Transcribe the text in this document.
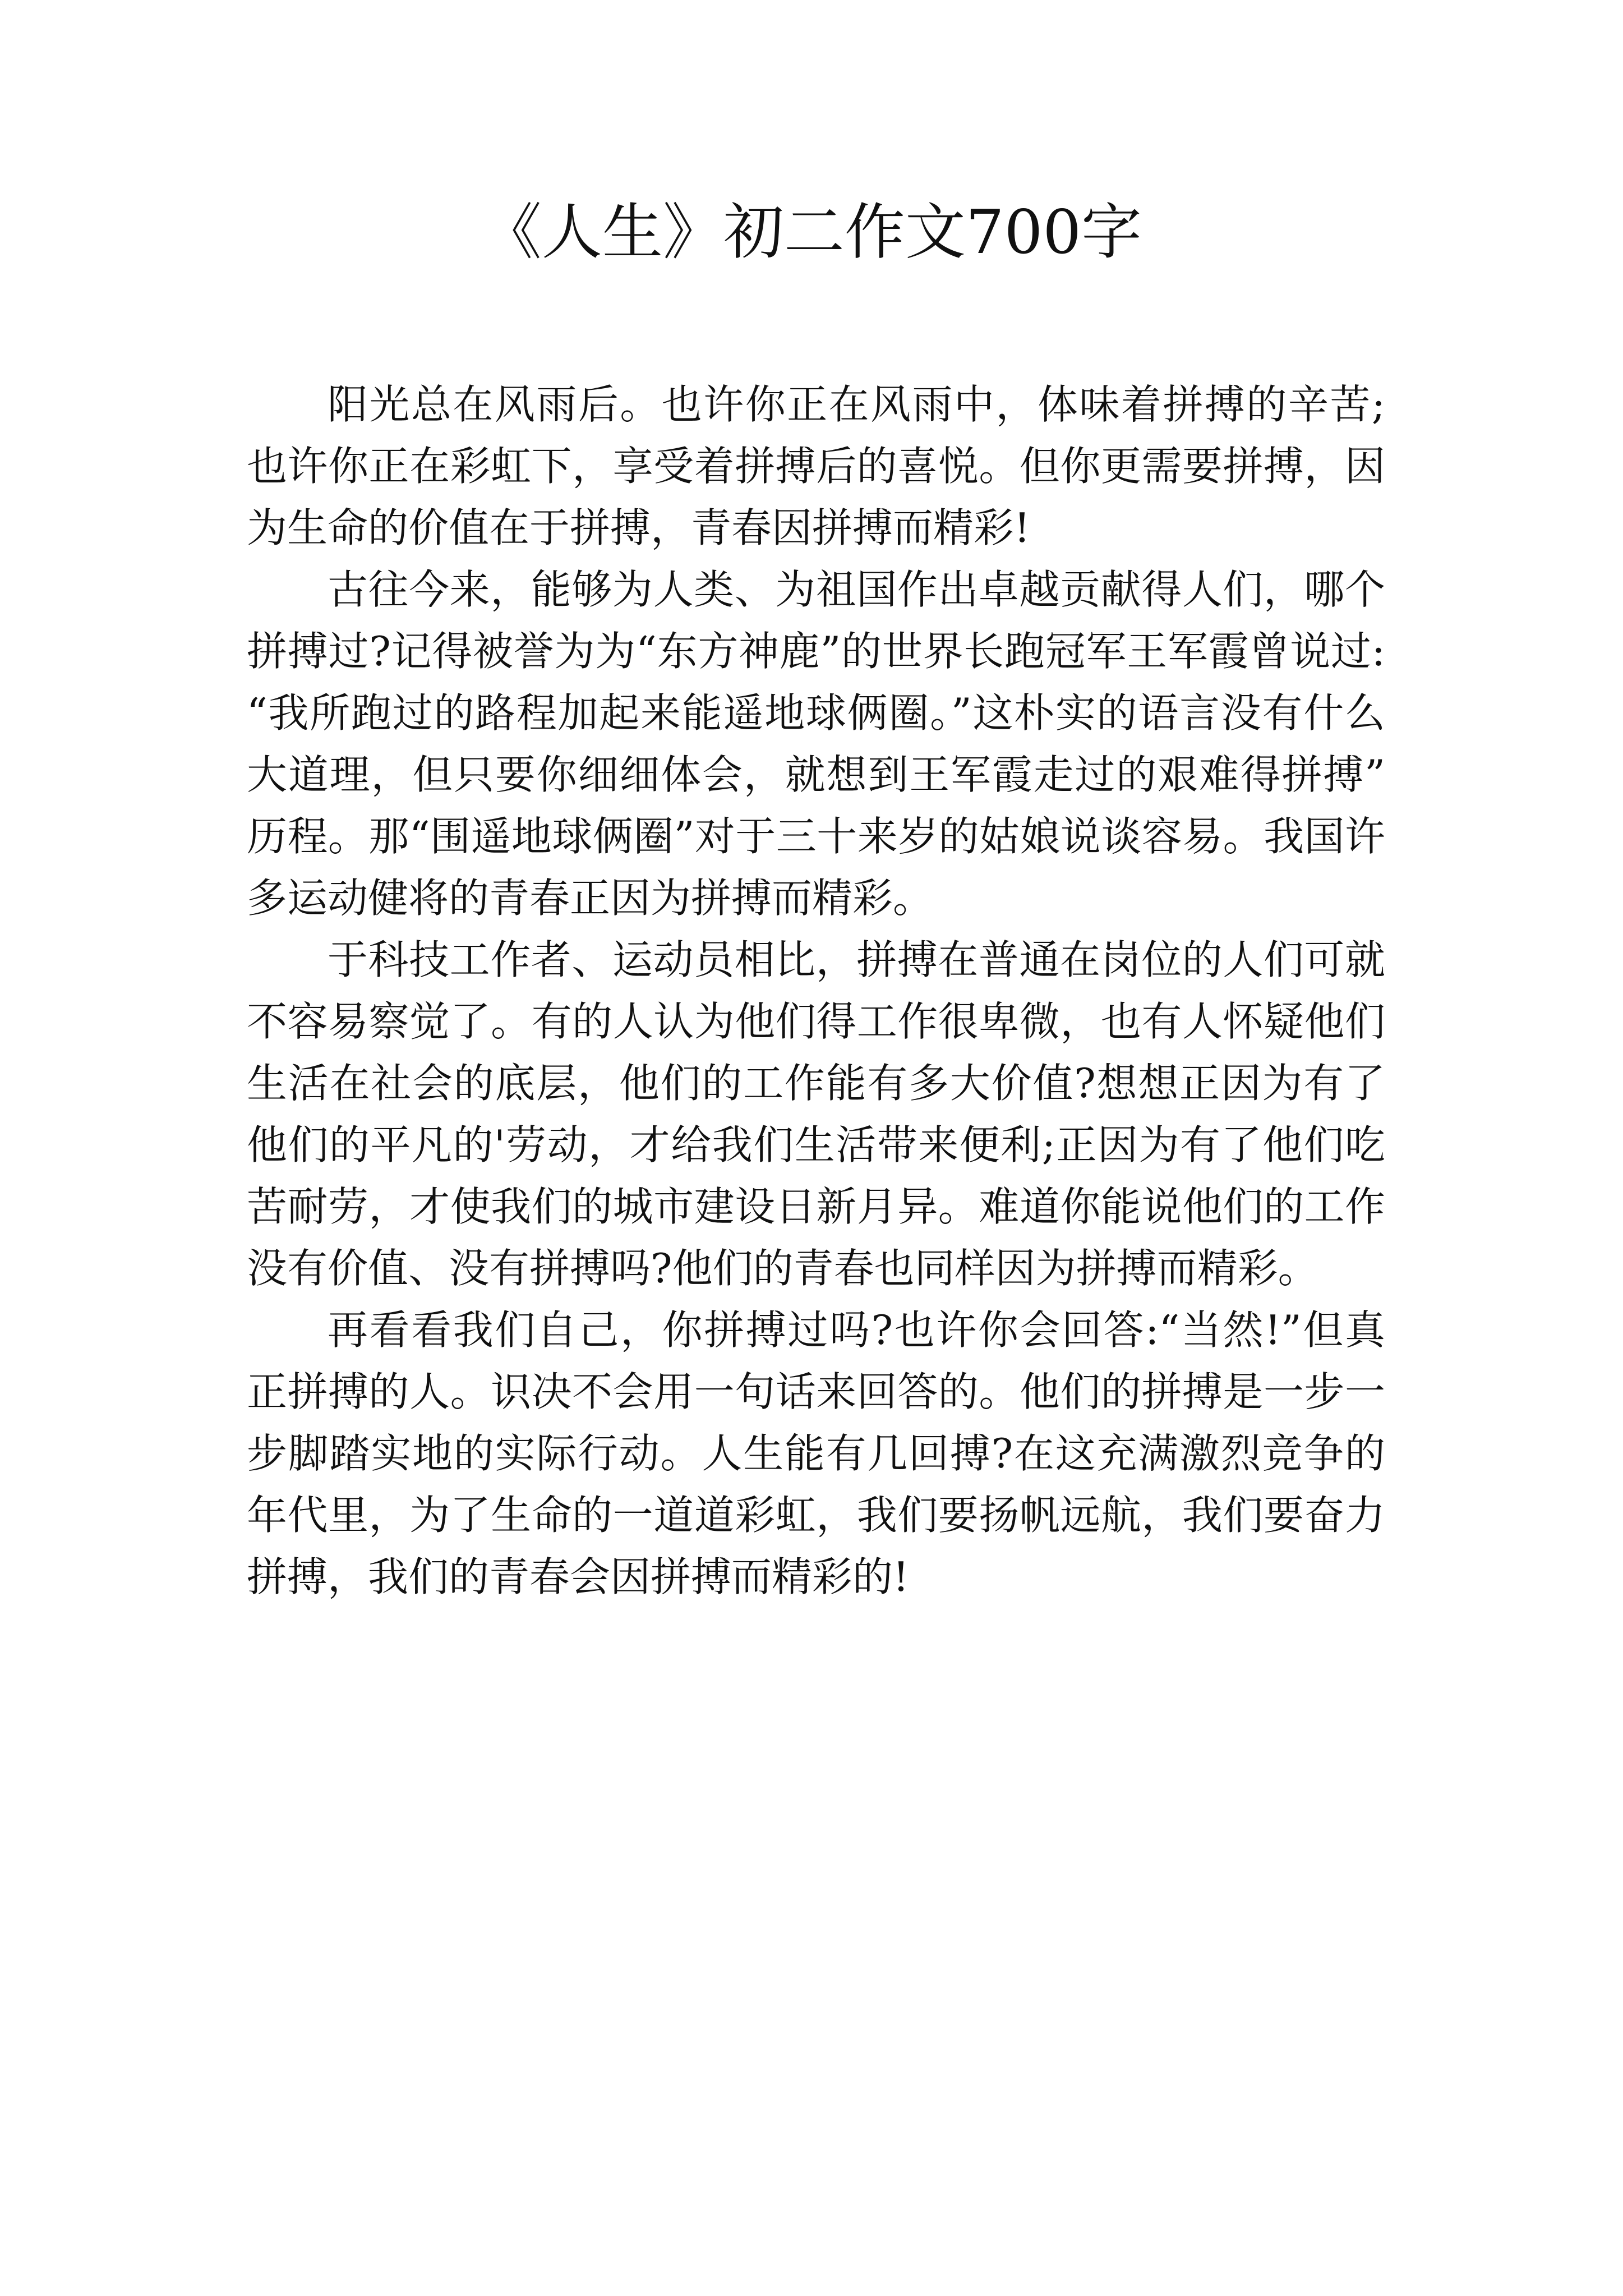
《人生》初二作文700字

阳光总在风雨后。也许你正在风雨中，体味着拼搏的辛苦;也许你正在彩虹下，享受着拼搏后的喜悦。但你更需要拼搏，因为生命的价值在于拼搏，青春因拼搏而精彩!

古往今来，能够为人类、为祖国作出卓越贡献得人们，哪个拼搏过?记得被誉为为“东方神鹿”的世界长跑冠军王军霞曾说过:“我所跑过的路程加起来能遥地球俩圈。”这朴实的语言没有什么大道理，但只要你细细体会，就想到王军霞走过的艰难得拼搏”历程。那“围遥地球俩圈”对于三十来岁的姑娘说谈容易。我国许多运动健将的青春正因为拼搏而精彩。

于科技工作者、运动员相比，拼搏在普通在岗位的人们可就不容易察觉了。有的人认为他们得工作很卑微，也有人怀疑他们生活在社会的底层，他们的工作能有多大价值?想想正因为有了他们的平凡的'劳动，才给我们生活带来便利;正因为有了他们吃苦耐劳，才使我们的城市建设日新月异。难道你能说他们的工作没有价值、没有拼搏吗?他们的青春也同样因为拼搏而精彩。

再看看我们自己，你拼搏过吗?也许你会回答:“当然!”但真正拼搏的人。识决不会用一句话来回答的。他们的拼搏是一步一步脚踏实地的实际行动。人生能有几回搏?在这充满激烈竞争的年代里，为了生命的一道道彩虹，我们要扬帆远航，我们要奋力拼搏，我们的青春会因拼搏而精彩的!
